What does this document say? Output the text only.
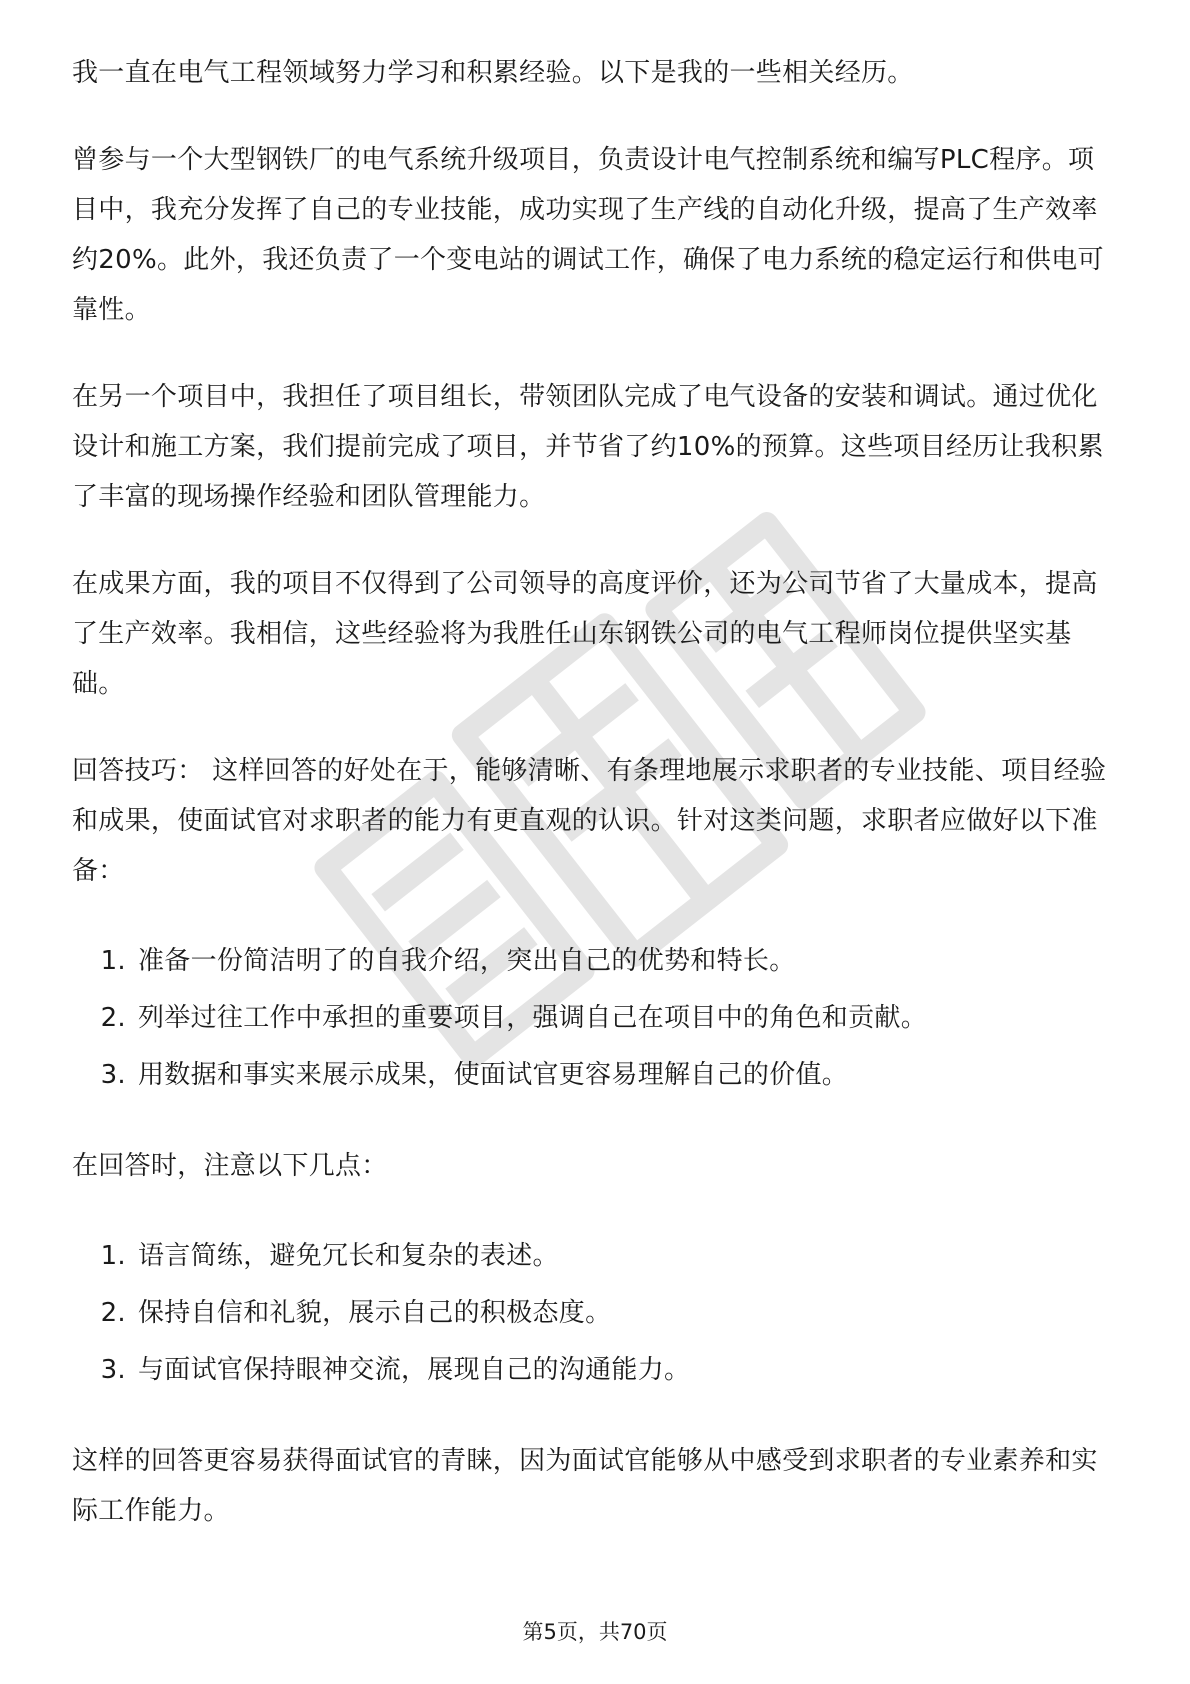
我一直在电气工程领域努力学习和积累经验。以下是我的一些相关经历。

曾参与一个大型钢铁厂的电气系统升级项目，负责设计电气控制系统和编写PLC程序。项目中，我充分发挥了自己的专业技能，成功实现了生产线的自动化升级，提高了生产效率约20%。此外，我还负责了一个变电站的调试工作，确保了电力系统的稳定运行和供电可靠性。

在另一个项目中，我担任了项目组长，带领团队完成了电气设备的安装和调试。通过优化设计和施工方案，我们提前完成了项目，并节省了约10%的预算。这些项目经历让我积累了丰富的现场操作经验和团队管理能力。

在成果方面，我的项目不仅得到了公司领导的高度评价，还为公司节省了大量成本，提高了生产效率。我相信，这些经验将为我胜任山东钢铁公司的电气工程师岗位提供坚实基础。

回答技巧： 这样回答的好处在于，能够清晰、有条理地展示求职者的专业技能、项目经验和成果，使面试官对求职者的能力有更直观的认识。针对这类问题，求职者应做好以下准备：

1. 准备一份简洁明了的自我介绍，突出自己的优势和特长。
2. 列举过往工作中承担的重要项目，强调自己在项目中的角色和贡献。
3. 用数据和事实来展示成果，使面试官更容易理解自己的价值。

在回答时，注意以下几点：

1. 语言简练，避免冗长和复杂的表述。
2. 保持自信和礼貌，展示自己的积极态度。
3. 与面试官保持眼神交流，展现自己的沟通能力。

这样的回答更容易获得面试官的青睐，因为面试官能够从中感受到求职者的专业素养和实际工作能力。

第5页，共70页
